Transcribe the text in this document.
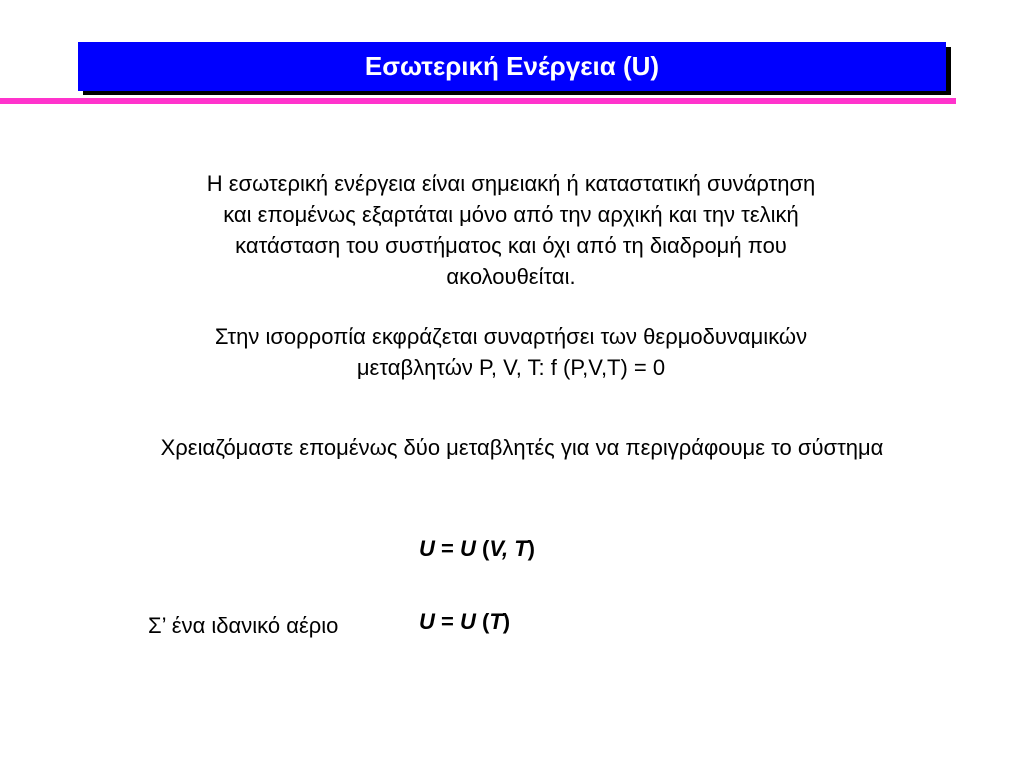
Εσωτερική Ενέργεια (U)
Η εσωτερική ενέργεια είναι σημειακή ή καταστατική συνάρτηση
και επομένως εξαρτάται μόνο από την αρχική και την τελική
κατάσταση του συστήματος και όχι από τη διαδρομή που
ακολουθείται.
Στην ισορροπία εκφράζεται συναρτήσει των θερμοδυναμικών
μεταβλητών P, V, T: f (P,V,T) = 0
Χρειαζόμαστε επομένως δύο μεταβλητές για να περιγράφουμε το σύστημα
U = U (V, T)
Σ’ ένα ιδανικό αέριο	U = U (T)
